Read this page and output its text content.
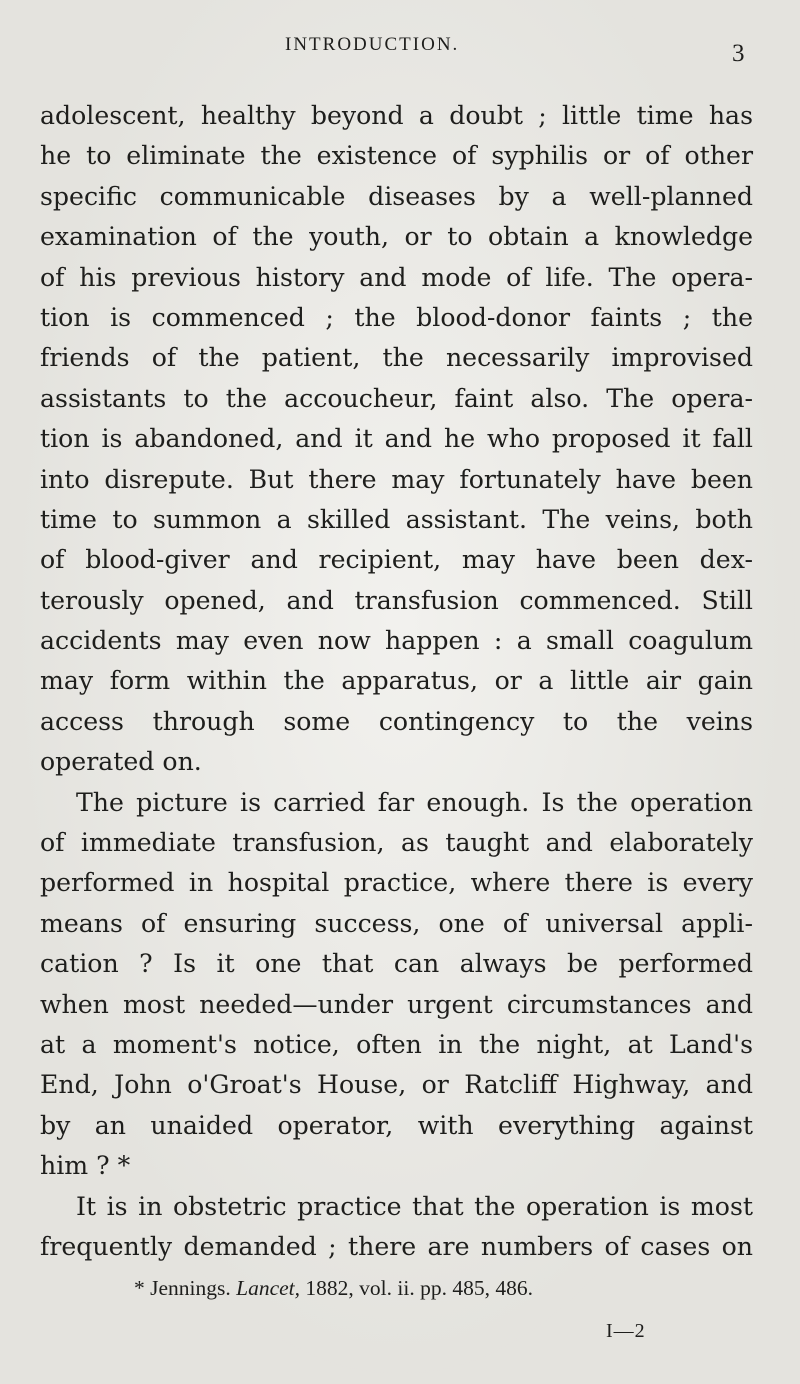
INTRODUCTION.	3
adolescent, healthy beyond a doubt ; little time has
he to eliminate the existence of syphilis or of other
specific communicable diseases by a well-planned
examination of the youth, or to obtain a knowledge
of his previous history and mode of life. The opera-
tion is commenced ; the blood-donor faints ; the
friends of the patient, the necessarily improvised
assistants to the accoucheur, faint also. The opera-
tion is abandoned, and it and he who proposed it fall
into disrepute. But there may fortunately have been
time to summon a skilled assistant. The veins, both
of blood-giver and recipient, may have been dex-
terously opened, and transfusion commenced. Still
accidents may even now happen : a small coagulum
may form within the apparatus, or a little air gain
access through some contingency to the veins
operated on.
The picture is carried far enough. Is the operation
of immediate transfusion, as taught and elaborately
performed in hospital practice, where there is every
means of ensuring success, one of universal appli-
cation ? Is it one that can always be performed
when most needed—under urgent circumstances and
at a moment's notice, often in the night, at Land's
End, John o'Groat's House, or Ratcliff Highway, and
by an unaided operator, with everything against
him ? *
It is in obstetric practice that the operation is most
frequently demanded ; there are numbers of cases on
* Jennings. Lancet, 1882, vol. ii. pp. 485, 486.
I—2
